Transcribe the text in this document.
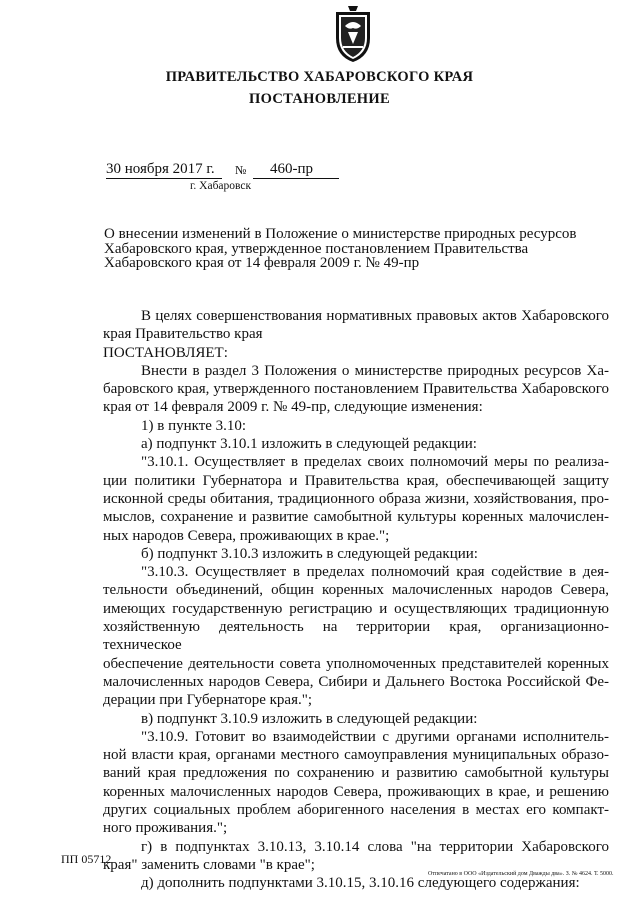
ПРАВИТЕЛЬСТВО ХАБАРОВСКОГО КРАЯ
ПОСТАНОВЛЕНИЕ
30 ноября 2017 г. № 460-пр
г. Хабаровск
О внесении изменений в Положение о министерстве природных ресурсов Хабаровского края, утвержденное постановлением Правительства Хабаровского края от 14 февраля 2009 г. № 49-пр
В целях совершенствования нормативных правовых актов Хабаровского
края Правительство края
ПОСТАНОВЛЯЕТ:
Внести в раздел 3 Положения о министерстве природных ресурсов Ха-
баровского края, утвержденного постановлением Правительства Хабаровского
края от 14 февраля 2009 г. № 49-пр, следующие изменения:
1) в пункте 3.10:
а) подпункт 3.10.1 изложить в следующей редакции:
"3.10.1. Осуществляет в пределах своих полномочий меры по реализа-
ции политики Губернатора и Правительства края, обеспечивающей защиту
исконной среды обитания, традиционного образа жизни, хозяйствования, про-
мыслов, сохранение и развитие самобытной культуры коренных малочислен-
ных народов Севера, проживающих в крае.";
б) подпункт 3.10.3 изложить в следующей редакции:
"3.10.3. Осуществляет в пределах полномочий края содействие в дея-
тельности объединений, общин коренных малочисленных народов Севера,
имеющих государственную регистрацию и осуществляющих традиционную
хозяйственную деятельность на территории края, организационно-техническое
обеспечение деятельности совета уполномоченных представителей коренных
малочисленных народов Севера, Сибири и Дальнего Востока Российской Фе-
дерации при Губернаторе края.";
в) подпункт 3.10.9 изложить в следующей редакции:
"3.10.9. Готовит во взаимодействии с другими органами исполнитель-
ной власти края, органами местного самоуправления муниципальных образо-
ваний края предложения по сохранению и развитию самобытной культуры
коренных малочисленных народов Севера, проживающих в крае, и решению
других социальных проблем аборигенного населения в местах его компакт-
ного проживания.";
г) в подпунктах 3.10.13, 3.10.14 слова "на территории Хабаровского
края" заменить словами "в крае";
д) дополнить подпунктами 3.10.15, 3.10.16 следующего содержания:
ПП 05712
Отпечатано в ООО «Издательский дом Дважды два». З. № 4624. Т. 5000.
